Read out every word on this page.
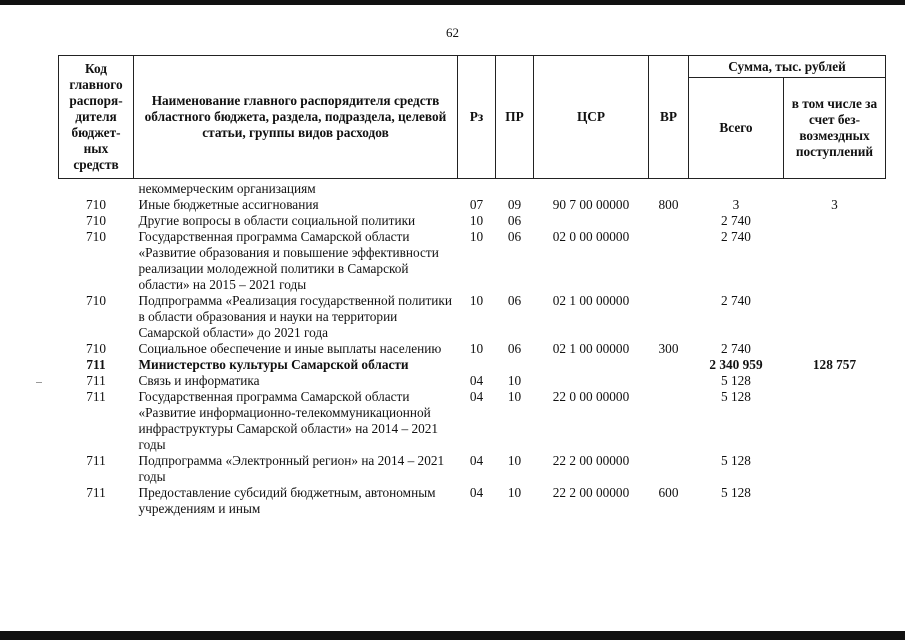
62
Код главного распоря-дителя бюджет-ных средств	Наименование главного распорядителя средств областного бюджета, раздела, подраздела, целевой статьи, группы видов расходов	Рз	ПР	ЦСР	ВР	Сумма, тыс. рублей	
						Всего	в том числе за счет без-возмездных поступлений
	некоммерческим организациям						
710	Иные бюджетные ассигнования	07	09	90 7 00 00000	800	3	3
710	Другие вопросы в области социальной политики	10	06			2 740	
710	Государственная программа Самарской области «Развитие образования и повышение эффективности реализации молодежной политики в Самарской области» на 2015 – 2021 годы	10	06	02 0 00 00000		2 740	
710	Подпрограмма «Реализация государственной политики в области образования и науки на территории Самарской области» до 2021 года	10	06	02 1 00 00000		2 740	
710	Социальное обеспечение и иные выплаты населению	10	06	02 1 00 00000	300	2 740	
711	Министерство культуры Самарской области					2 340 959	128 757
711	Связь и информатика	04	10			5 128	
711	Государственная программа Самарской области «Развитие информационно-телекоммуникационной инфраструктуры Самарской области» на 2014 – 2021 годы	04	10	22 0 00 00000		5 128	
711	Подпрограмма «Электронный регион» на 2014 – 2021 годы	04	10	22 2 00 00000		5 128	
711	Предоставление субсидий бюджетным, автономным учреждениям и иным	04	10	22 2 00 00000	600	5 128	
